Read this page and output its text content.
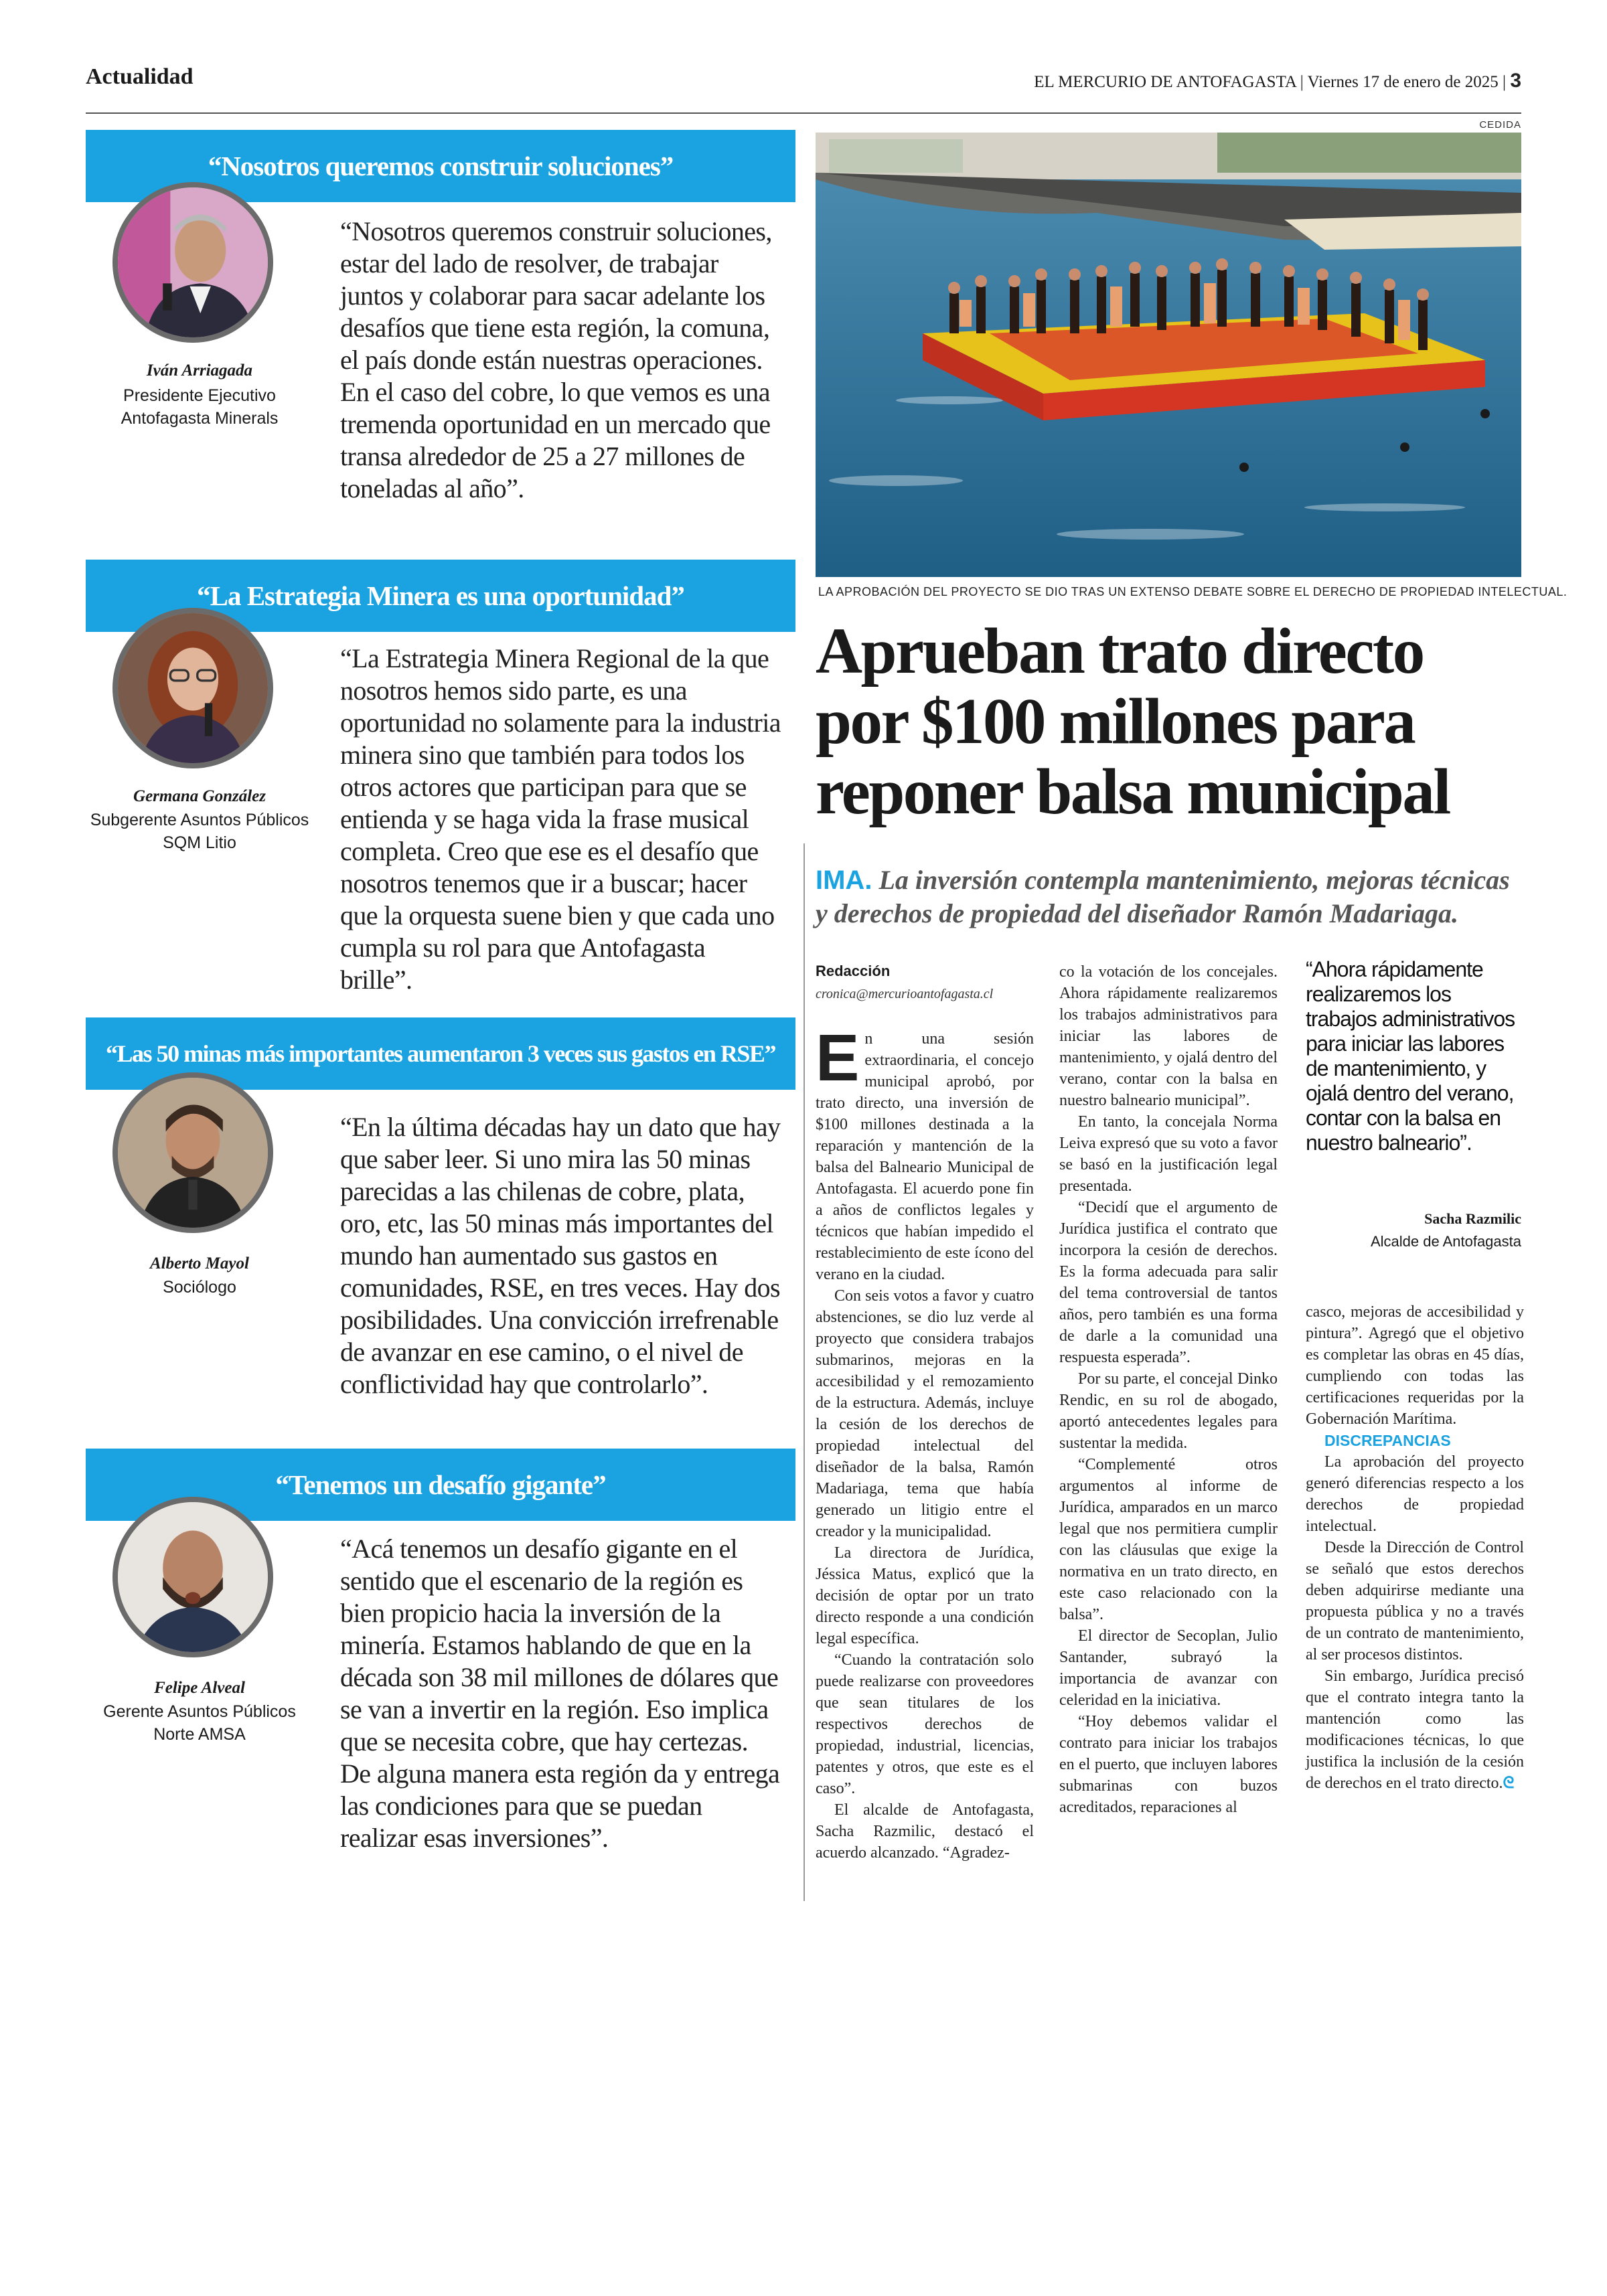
Actualidad	EL MERCURIO DE ANTOFAGASTA | Viernes 17 de enero de 2025 | 3
“Nosotros queremos construir soluciones”
Iván Arriagada
Presidente Ejecutivo Antofagasta Minerals
“Nosotros queremos construir soluciones, estar del lado de resolver, de trabajar juntos y colaborar para sacar adelante los desafíos que tiene esta región, la comuna, el país donde están nuestras operaciones. En el caso del cobre, lo que vemos es una tremenda oportunidad en un mercado que transa alrededor de 25 a 27 millones de toneladas al año”.
“La Estrategia Minera es una oportunidad”
Germana González
Subgerente Asuntos Públicos SQM Litio
“La Estrategia Minera Regional de la que nosotros hemos sido parte, es una oportunidad no solamente para la industria minera sino que también para todos los otros actores que participan para que se entienda y se haga vida la frase musical completa. Creo que ese es el desafío que nosotros tenemos que ir a buscar; hacer que la orquesta suene bien y que cada uno cumpla su rol para que Antofagasta brille”.
“Las 50 minas más importantes aumentaron 3 veces sus gastos en RSE”
Alberto Mayol
Sociólogo
“En la última décadas hay un dato que hay que saber leer. Si uno mira las 50 minas parecidas a las chilenas de cobre, plata, oro, etc, las 50 minas más importantes del mundo han aumentado sus gastos en comunidades, RSE, en tres veces. Hay dos posibilidades. Una convicción irrefrenable de avanzar en ese camino, o el nivel de conflictividad hay que controlarlo”.
“Tenemos un desafío gigante”
Felipe Alveal
Gerente Asuntos Públicos Norte AMSA
“Acá tenemos un desafío gigante en el sentido que el escenario de la región es bien propicio hacia la inversión de la minería. Estamos hablando de que en la década son 38 mil millones de dólares que se van a invertir en la región. Eso implica que se necesita cobre, que hay certezas. De alguna manera esta región da y entrega las condiciones para que se puedan realizar esas inversiones”.
CEDIDA
LA APROBACIÓN DEL PROYECTO SE DIO TRAS UN EXTENSO DEBATE SOBRE EL DERECHO DE PROPIEDAD INTELECTUAL.
Aprueban trato directo por $100 millones para reponer balsa municipal
IMA. La inversión contempla mantenimiento, mejoras técnicas y derechos de propiedad del diseñador Ramón Madariaga.
Redacción
cronica@mercurioantofagasta.cl

En una sesión extraordinaria, el concejo municipal aprobó, por trato directo, una inversión de $100 millones destinada a la reparación y mantención de la balsa del Balneario Municipal de Antofagasta. El acuerdo pone fin a años de conflictos legales y técnicos que habían impedido el restablecimiento de este ícono del verano en la ciudad.

Con seis votos a favor y cuatro abstenciones, se dio luz verde al proyecto que considera trabajos submarinos, mejoras en la accesibilidad y el remozamiento de la estructura. Además, incluye la cesión de los derechos de propiedad intelectual del diseñador de la balsa, Ramón Madariaga, tema que había generado un litigio entre el creador y la municipalidad.

La directora de Jurídica, Jéssica Matus, explicó que la decisión de optar por un trato directo responde a una condición legal específica.

“Cuando la contratación solo puede realizarse con proveedores que sean titulares de los respectivos derechos de propiedad, industrial, licencias, patentes y otros, que este es el caso”.

El alcalde de Antofagasta, Sacha Razmilic, destacó el acuerdo alcanzado. “Agradez-

co la votación de los concejales. Ahora rápidamente realizaremos los trabajos administrativos para iniciar las labores de mantenimiento, y ojalá dentro del verano, contar con la balsa en nuestro balneario municipal”.

En tanto, la concejala Norma Leiva expresó que su voto a favor se basó en la justificación legal presentada.

“Decidí que el argumento de Jurídica justifica el contrato que incorpora la cesión de derechos. Es la forma adecuada para salir del tema controversial de tantos años, pero también es una forma de darle a la comunidad una respuesta esperada”.

Por su parte, el concejal Dinko Rendic, en su rol de abogado, aportó antecedentes legales para sustentar la medida.

“Complementé otros argumentos al informe de Jurídica, amparados en un marco legal que nos permitiera cumplir con las cláusulas que exige la normativa en un trato directo, en este caso relacionado con la balsa”.

El director de Secoplan, Julio Santander, subrayó la importancia de avanzar con celeridad en la iniciativa.

“Hoy debemos validar el contrato para iniciar los trabajos en el puerto, que incluyen labores submarinas con buzos acreditados, reparaciones al

“Ahora rápidamente realizaremos los trabajos administrativos para iniciar las labores de mantenimiento, y ojalá dentro del verano, contar con la balsa en nuestro balneario”.
Sacha Razmilic
Alcalde de Antofagasta

casco, mejoras de accesibilidad y pintura”. Agregó que el objetivo es completar las obras en 45 días, cumpliendo con todas las certificaciones requeridas por la Gobernación Marítima.

DISCREPANCIAS

La aprobación del proyecto generó diferencias respecto a los derechos de propiedad intelectual.

Desde la Dirección de Control se señaló que estos derechos deben adquirirse mediante una propuesta pública y no a través de un contrato de mantenimiento, al ser procesos distintos.

Sin embargo, Jurídica precisó que el contrato integra tanto la mantención como las modificaciones técnicas, lo que justifica la inclusión de la cesión de derechos en el trato directo.ᘓ
